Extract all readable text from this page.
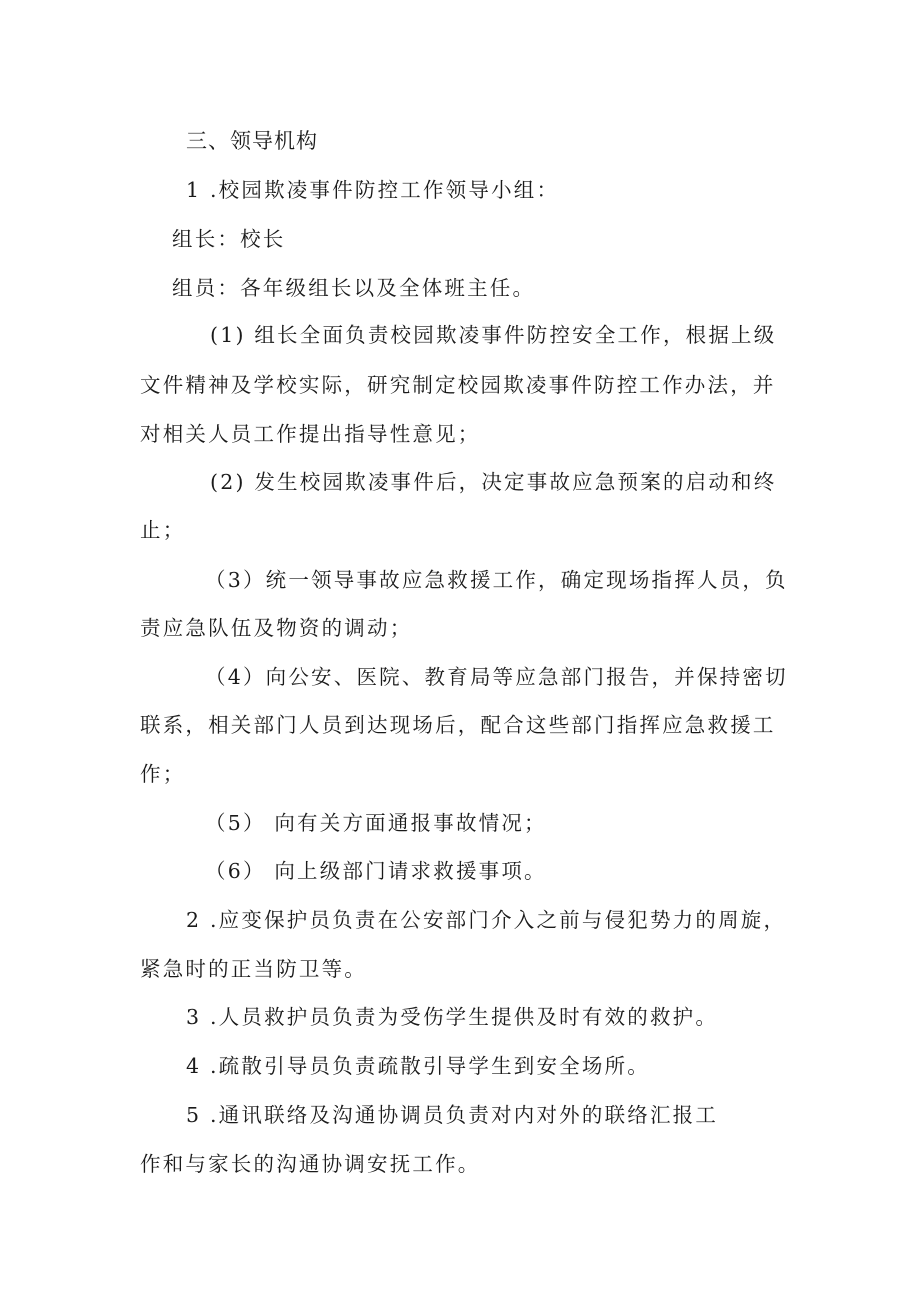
三、领导机构
1 .校园欺凌事件防控工作领导小组：
组长：校长
组员：各年级组长以及全体班主任。
(1) 组长全面负责校园欺凌事件防控安全工作，根据上级
文件精神及学校实际，研究制定校园欺凌事件防控工作办法，并
对相关人员工作提出指导性意见；
(2) 发生校园欺凌事件后，决定事故应急预案的启动和终
止；
（3）统一领导事故应急救援工作，确定现场指挥人员，负
责应急队伍及物资的调动；
（4）向公安、医院、教育局等应急部门报告，并保持密切
联系，相关部门人员到达现场后，配合这些部门指挥应急救援工
作；
（5） 向有关方面通报事故情况；
（6） 向上级部门请求救援事项。
2 .应变保护员负责在公安部门介入之前与侵犯势力的周旋，
紧急时的正当防卫等。
3 .人员救护员负责为受伤学生提供及时有效的救护。
4 .疏散引导员负责疏散引导学生到安全场所。
5 .通讯联络及沟通协调员负责对内对外的联络汇报工
作和与家长的沟通协调安抚工作。
